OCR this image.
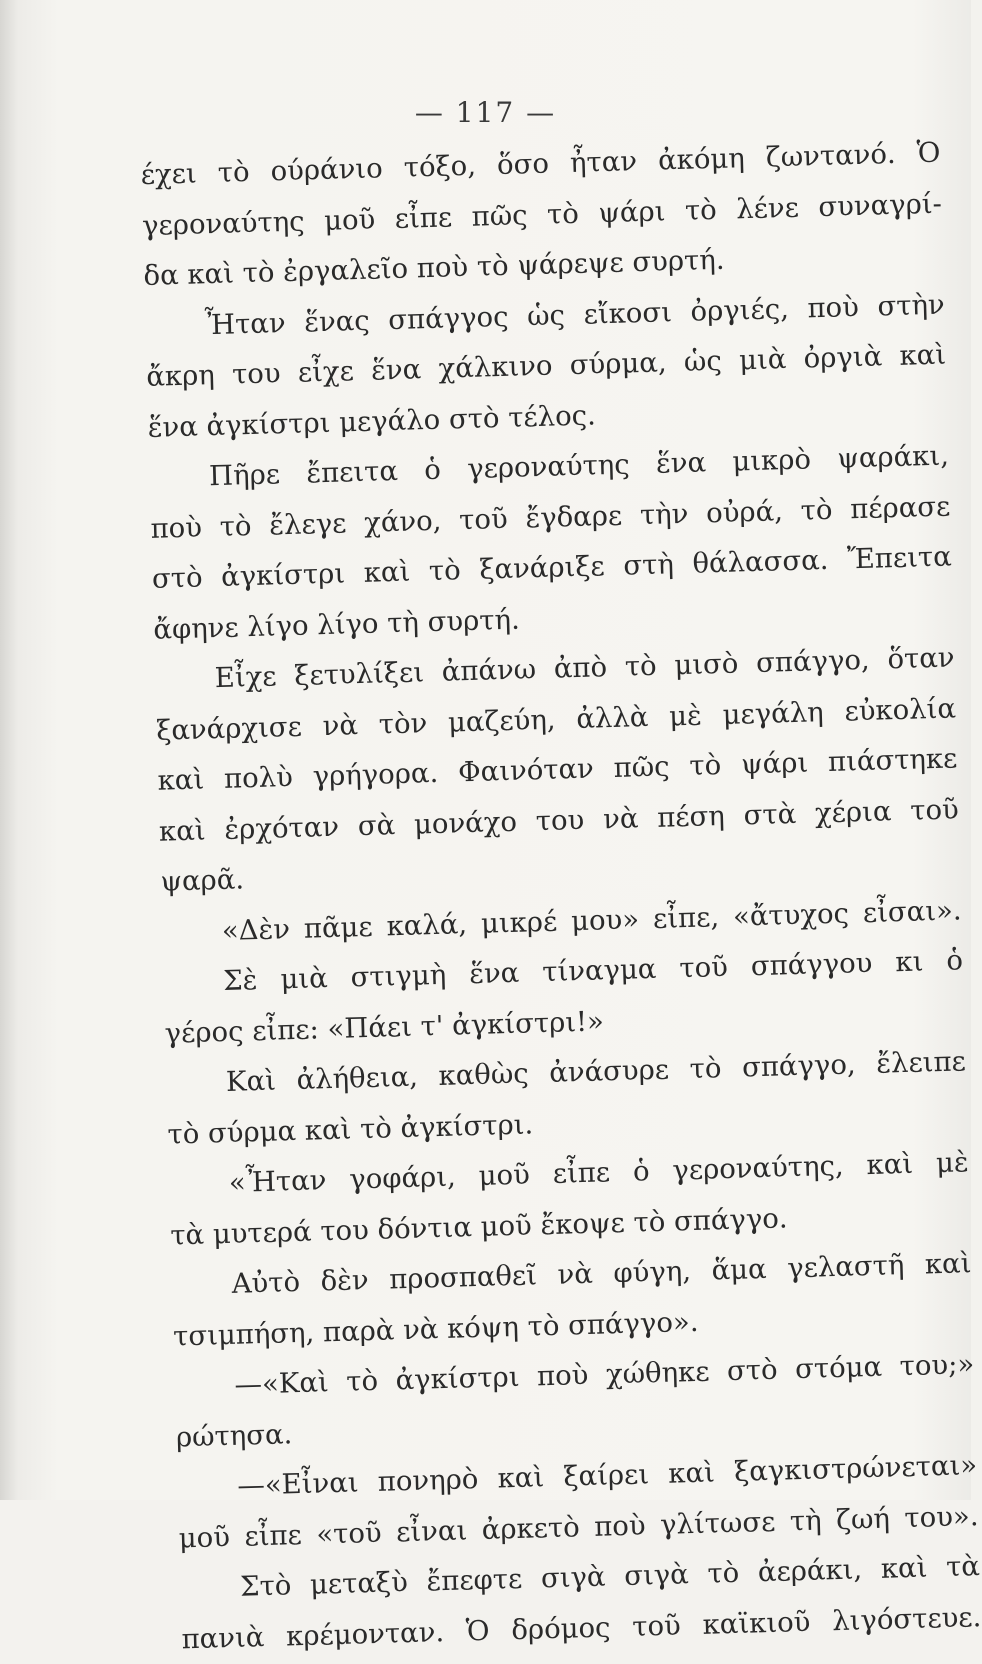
— 117 —
έχει τὸ ούράνιο τόξο, ὅσο ἦταν ἀκόμη ζωντανό. Ὁ
γεροναύτης μοῦ εἶπε πῶς τὸ ψάρι τὸ λένε συναγρί-
δα καὶ τὸ ἐργαλεῖο ποὺ τὸ ψάρεψε συρτή.
Ἦταν ἕνας σπάγγος ὡς εἴκοσι ὀργιές, ποὺ στὴν
ἄκρη του εἶχε ἕνα χάλκινο σύρμα, ὡς μιὰ ὀργιὰ καὶ
ἕνα ἀγκίστρι μεγάλο στὸ τέλος.
Πῆρε ἔπειτα ὁ γεροναύτης ἕνα μικρὸ ψαράκι,
ποὺ τὸ ἔλεγε χάνο, τοῦ ἔγδαρε τὴν οὐρά, τὸ πέρασε
στὸ ἀγκίστρι καὶ τὸ ξανάριξε στὴ θάλασσα. Ἔπειτα
ἄφηνε λίγο λίγο τὴ συρτή.
Εἶχε ξετυλίξει ἀπάνω ἀπὸ τὸ μισὸ σπάγγο, ὅταν
ξανάρχισε νὰ τὸν μαζεύη, ἀλλὰ μὲ μεγάλη εὐκολία
καὶ πολὺ γρήγορα. Φαινόταν πῶς τὸ ψάρι πιάστηκε
καὶ ἐρχόταν σὰ μονάχο του νὰ πέση στὰ χέρια τοῦ
ψαρᾶ.
«Δὲν πᾶμε καλά, μικρέ μου» εἶπε, «ἄτυχος εἶσαι».
Σὲ μιὰ στιγμὴ ἕνα τίναγμα τοῦ σπάγγου κι ὁ
γέρος εἶπε: «Πάει τ' ἀγκίστρι!»
Καὶ ἀλήθεια, καθὼς ἀνάσυρε τὸ σπάγγο, ἔλειπε
τὸ σύρμα καὶ τὸ ἀγκίστρι.
«Ἦταν γοφάρι, μοῦ εἶπε ὁ γεροναύτης, καὶ μὲ
τὰ μυτερά του δόντια μοῦ ἔκοψε τὸ σπάγγο.
Αὐτὸ δὲν προσπαθεῖ νὰ φύγη, ἅμα γελαστῆ καὶ
τσιμπήση, παρὰ νὰ κόψη τὸ σπάγγο».
—«Καὶ τὸ ἀγκίστρι ποὺ χώθηκε στὸ στόμα του;»
ρώτησα.
—«Εἶναι πονηρὸ καὶ ξαίρει καὶ ξαγκιστρώνεται»
μοῦ εἶπε «τοῦ εἶναι ἀρκετὸ ποὺ γλίτωσε τὴ ζωή του».
Στὸ μεταξὺ ἔπεφτε σιγὰ σιγὰ τὸ ἀεράκι, καὶ τὰ
πανιὰ κρέμονταν. Ὁ δρόμος τοῦ καϊκιοῦ λιγόστευε.
